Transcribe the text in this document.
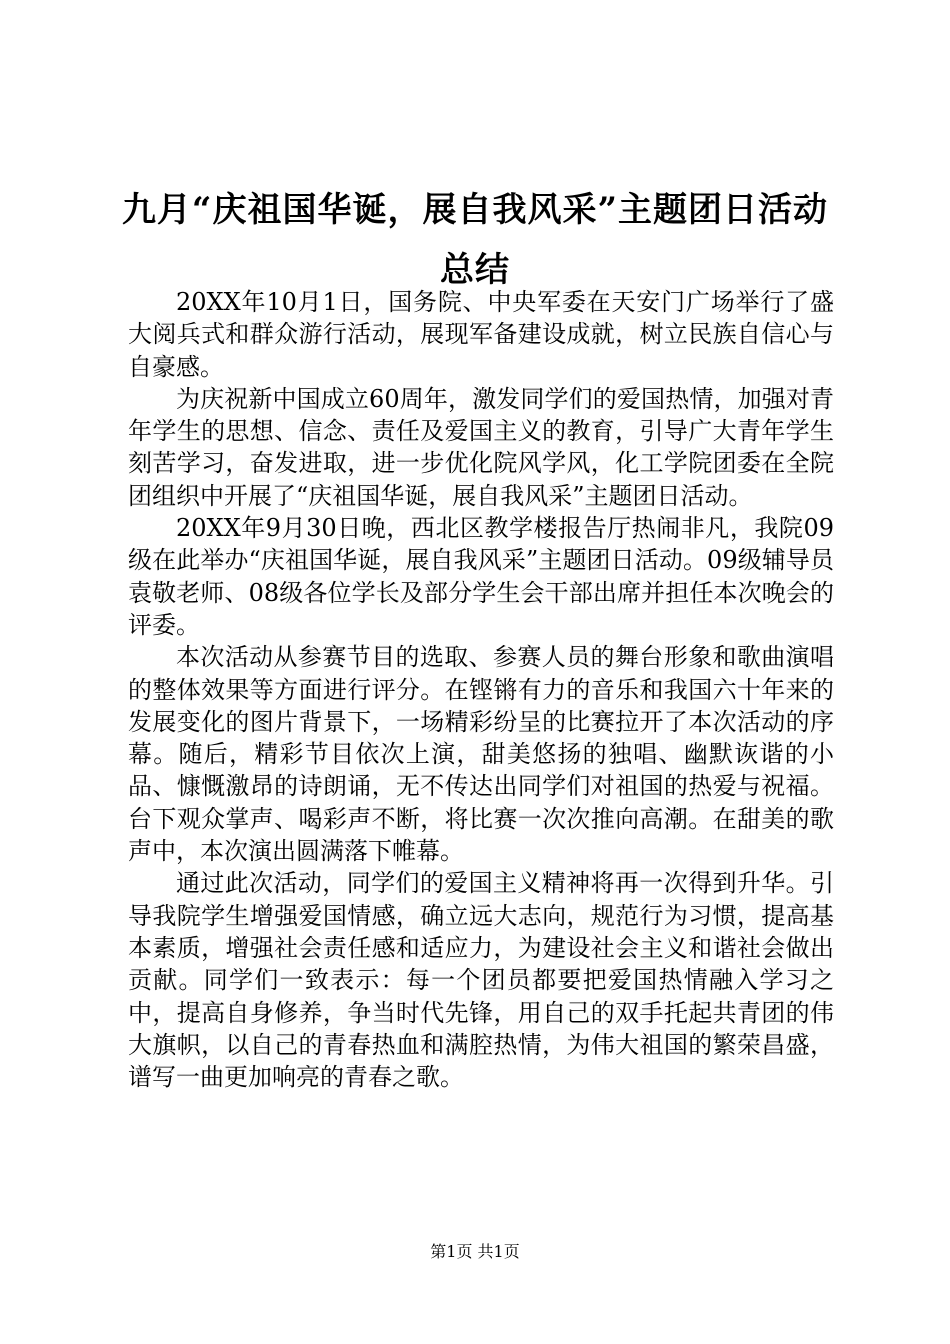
九月“庆祖国华诞，展自我风采”主题团日活动总结

20XX年10月1日，国务院、中央军委在天安门广场举行了盛大阅兵式和群众游行活动，展现军备建设成就，树立民族自信心与自豪感。

为庆祝新中国成立60周年，激发同学们的爱国热情，加强对青年学生的思想、信念、责任及爱国主义的教育，引导广大青年学生刻苦学习，奋发进取，进一步优化院风学风，化工学院团委在全院团组织中开展了“庆祖国华诞，展自我风采”主题团日活动。

20XX年9月30日晚，西北区教学楼报告厅热闹非凡，我院09级在此举办“庆祖国华诞，展自我风采”主题团日活动。09级辅导员袁敬老师、08级各位学长及部分学生会干部出席并担任本次晚会的评委。

本次活动从参赛节目的选取、参赛人员的舞台形象和歌曲演唱的整体效果等方面进行评分。在铿锵有力的音乐和我国六十年来的发展变化的图片背景下，一场精彩纷呈的比赛拉开了本次活动的序幕。随后，精彩节目依次上演，甜美悠扬的独唱、幽默诙谐的小品、慷慨激昂的诗朗诵，无不传达出同学们对祖国的热爱与祝福。台下观众掌声、喝彩声不断，将比赛一次次推向高潮。在甜美的歌声中，本次演出圆满落下帷幕。

通过此次活动，同学们的爱国主义精神将再一次得到升华。引导我院学生增强爱国情感，确立远大志向，规范行为习惯，提高基本素质，增强社会责任感和适应力，为建设社会主义和谐社会做出贡献。同学们一致表示：每一个团员都要把爱国热情融入学习之中，提高自身修养，争当时代先锋，用自己的双手托起共青团的伟大旗帜，以自己的青春热血和满腔热情，为伟大祖国的繁荣昌盛，谱写一曲更加响亮的青春之歌。

第1页 共1页
